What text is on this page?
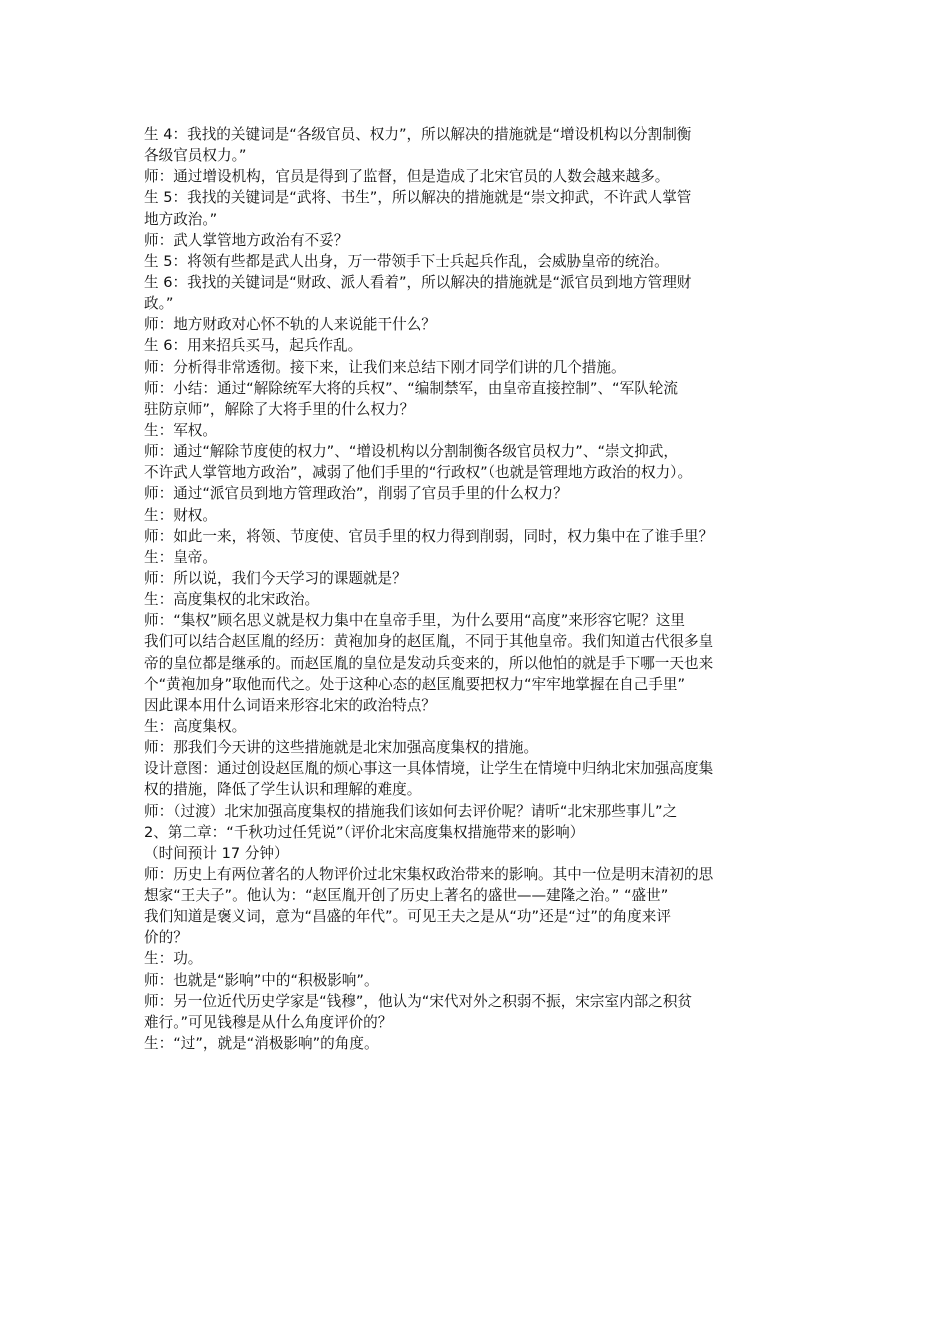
生 4：我找的关键词是“各级官员、权力”，所以解决的措施就是“增设机构以分割制衡
各级官员权力。”
师：通过增设机构，官员是得到了监督，但是造成了北宋官员的人数会越来越多。
生 5：我找的关键词是“武将、书生”，所以解决的措施就是“崇文抑武，不许武人掌管
地方政治。”
师：武人掌管地方政治有不妥？
生 5：将领有些都是武人出身，万一带领手下士兵起兵作乱，会威胁皇帝的统治。
生 6：我找的关键词是“财政、派人看着”，所以解决的措施就是“派官员到地方管理财
政。”
师：地方财政对心怀不轨的人来说能干什么？
生 6：用来招兵买马，起兵作乱。
师：分析得非常透彻。接下来，让我们来总结下刚才同学们讲的几个措施。
师：小结：通过“解除统军大将的兵权”、“编制禁军，由皇帝直接控制”、“军队轮流
驻防京师”，解除了大将手里的什么权力？
生：军权。
师：通过“解除节度使的权力”、“增设机构以分割制衡各级官员权力”、“崇文抑武，
不许武人掌管地方政治”，减弱了他们手里的“行政权”（也就是管理地方政治的权力）。
师：通过“派官员到地方管理政治”，削弱了官员手里的什么权力？
生：财权。
师：如此一来，将领、节度使、官员手里的权力得到削弱，同时，权力集中在了谁手里？
生：皇帝。
师：所以说，我们今天学习的课题就是？
生：高度集权的北宋政治。
师：“集权”顾名思义就是权力集中在皇帝手里，为什么要用“高度”来形容它呢？这里
我们可以结合赵匡胤的经历：黄袍加身的赵匡胤，不同于其他皇帝。我们知道古代很多皇
帝的皇位都是继承的。而赵匡胤的皇位是发动兵变来的，所以他怕的就是手下哪一天也来
个“黄袍加身”取他而代之。处于这种心态的赵匡胤要把权力“牢牢地掌握在自己手里”
因此课本用什么词语来形容北宋的政治特点？
生：高度集权。
师：那我们今天讲的这些措施就是北宋加强高度集权的措施。
设计意图：通过创设赵匡胤的烦心事这一具体情境，让学生在情境中归纳北宋加强高度集
权的措施，降低了学生认识和理解的难度。
师：（过渡）北宋加强高度集权的措施我们该如何去评价呢？请听“北宋那些事儿”之
2、第二章：“千秋功过任凭说”（评价北宋高度集权措施带来的影响）
（时间预计 17 分钟）
师：历史上有两位著名的人物评价过北宋集权政治带来的影响。其中一位是明末清初的思
想家“王夫子”。他认为：“赵匡胤开创了历史上著名的盛世——建隆之治。” “盛世”
我们知道是褒义词，意为“昌盛的年代”。可见王夫之是从“功”还是“过”的角度来评
价的？
生：功。
师：也就是“影响”中的“积极影响”。
师：另一位近代历史学家是“钱穆”，他认为“宋代对外之积弱不振，宋宗室内部之积贫
难行。”可见钱穆是从什么角度评价的？
生：“过”，就是“消极影响”的角度。
